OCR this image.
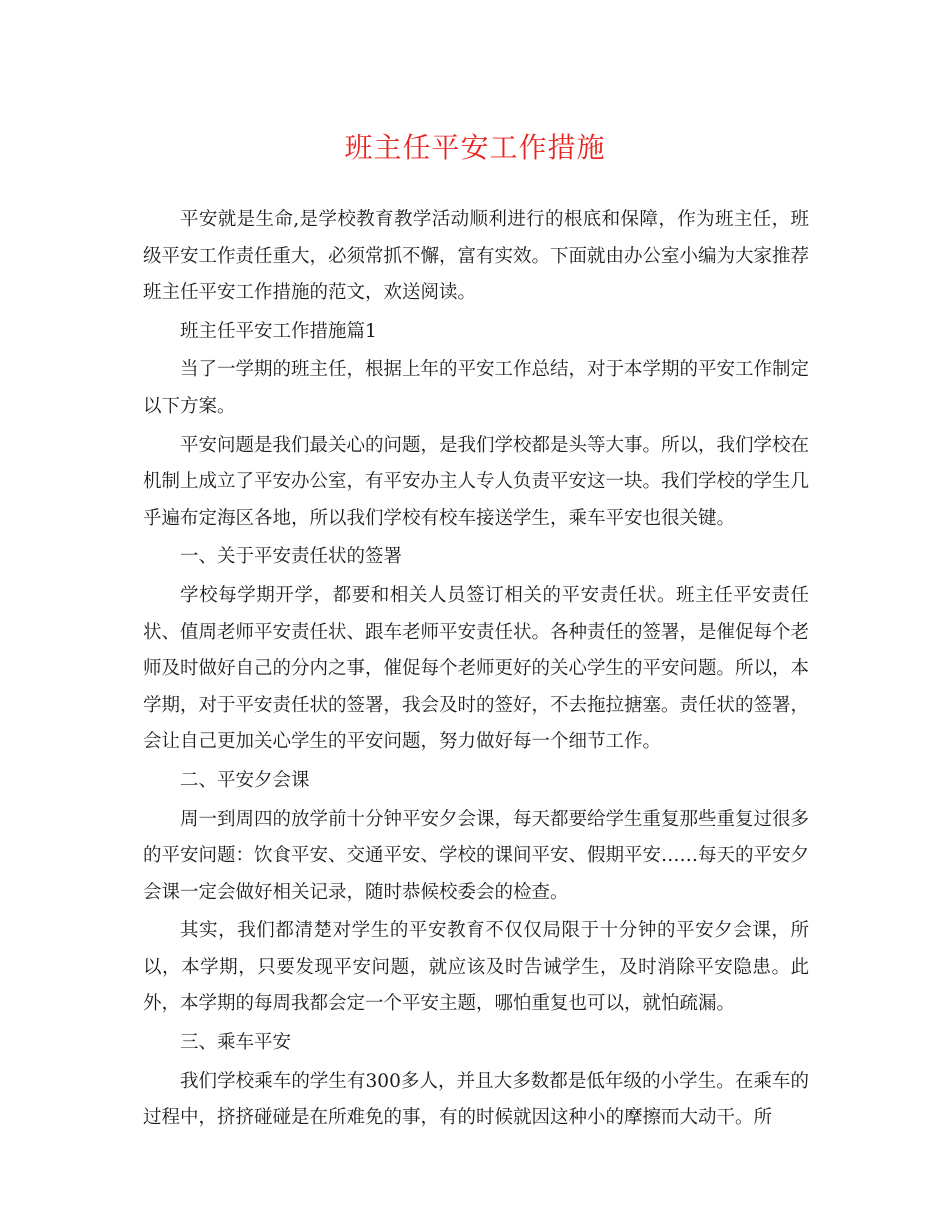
班主任平安工作措施

平安就是生命,是学校教育教学活动顺利进行的根底和保障，作为班主任，班级平安工作责任重大，必须常抓不懈，富有实效。下面就由办公室小编为大家推荐班主任平安工作措施的范文，欢送阅读。

班主任平安工作措施篇1

当了一学期的班主任，根据上年的平安工作总结，对于本学期的平安工作制定以下方案。

平安问题是我们最关心的问题，是我们学校都是头等大事。所以，我们学校在机制上成立了平安办公室，有平安办主人专人负责平安这一块。我们学校的学生几乎遍布定海区各地，所以我们学校有校车接送学生，乘车平安也很关键。

一、关于平安责任状的签署

学校每学期开学，都要和相关人员签订相关的平安责任状。班主任平安责任状、值周老师平安责任状、跟车老师平安责任状。各种责任的签署，是催促每个老师及时做好自己的分内之事，催促每个老师更好的关心学生的平安问题。所以，本学期，对于平安责任状的签署，我会及时的签好，不去拖拉搪塞。责任状的签署，会让自己更加关心学生的平安问题，努力做好每一个细节工作。

二、平安夕会课

周一到周四的放学前十分钟平安夕会课，每天都要给学生重复那些重复过很多的平安问题：饮食平安、交通平安、学校的课间平安、假期平安……每天的平安夕会课一定会做好相关记录，随时恭候校委会的检查。

其实，我们都清楚对学生的平安教育不仅仅局限于十分钟的平安夕会课，所以，本学期，只要发现平安问题，就应该及时告诫学生，及时消除平安隐患。此外，本学期的每周我都会定一个平安主题，哪怕重复也可以，就怕疏漏。

三、乘车平安

我们学校乘车的学生有300多人，并且大多数都是低年级的小学生。在乘车的过程中，挤挤碰碰是在所难免的事，有的时候就因这种小的摩擦而大动干。所
